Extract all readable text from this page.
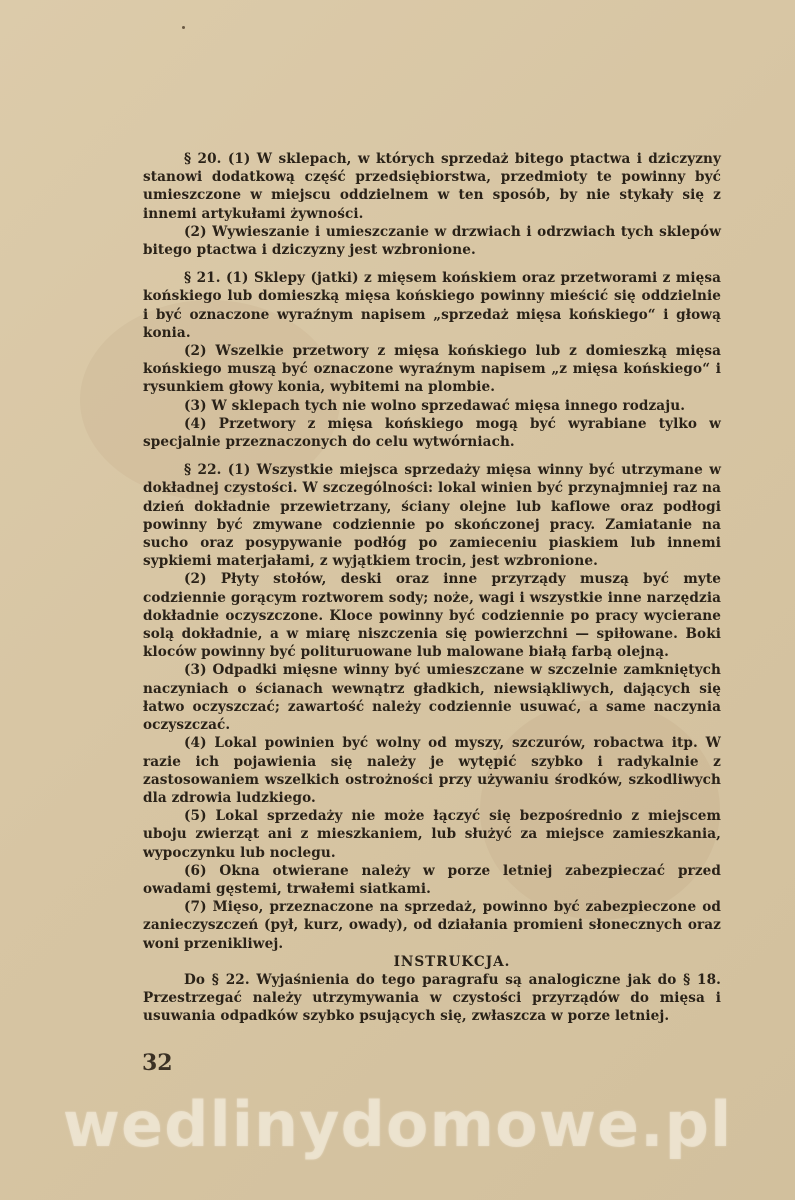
§ 20. (1) W sklepach, w których sprzedaż bitego ptactwa i dziczyzny stanowi dodatkową część przedsiębiorstwa, przedmioty te powinny być umieszczone w miejscu oddzielnem w ten sposób, by nie stykały się z innemi artykułami żywności.

(2) Wywieszanie i umieszczanie w drzwiach i odrzwiach tych sklepów bitego ptactwa i dziczyzny jest wzbronione.

§ 21. (1) Sklepy (jatki) z mięsem końskiem oraz przetworami z mięsa końskiego lub domieszką mięsa końskiego powinny mieścić się oddzielnie i być oznaczone wyraźnym napisem „sprzedaż mięsa końskiego“ i głową konia.

(2) Wszelkie przetwory z mięsa końskiego lub z domieszką mięsa końskiego muszą być oznaczone wyraźnym napisem „z mięsa końskiego“ i rysunkiem głowy konia, wybitemi na plombie.

(3) W sklepach tych nie wolno sprzedawać mięsa innego rodzaju.

(4) Przetwory z mięsa końskiego mogą być wyrabiane tylko w specjalnie przeznaczonych do celu wytwórniach.

§ 22. (1) Wszystkie miejsca sprzedaży mięsa winny być utrzymane w dokładnej czystości. W szczególności: lokal winien być przynajmniej raz na dzień dokładnie przewietrzany, ściany olejne lub kaflowe oraz podłogi powinny być zmywane codziennie po skończonej pracy. Zamiatanie na sucho oraz posypywanie podłóg po zamieceniu piaskiem lub innemi sypkiemi materjałami, z wyjątkiem trocin, jest wzbronione.

(2) Płyty stołów, deski oraz inne przyrządy muszą być myte codziennie gorącym roztworem sody; noże, wagi i wszystkie inne narzędzia dokładnie oczyszczone. Kloce powinny być codziennie po pracy wycierane solą dokładnie, a w miarę niszczenia się powierzchni — spiłowane. Boki kloców powinny być polituruowane lub malowane białą farbą olejną.

(3) Odpadki mięsne winny być umieszczane w szczelnie zamkniętych naczyniach o ścianach wewnątrz gładkich, niewsiąkliwych, dających się łatwo oczyszczać; zawartość należy codziennie usuwać, a same naczynia oczyszczać.

(4) Lokal powinien być wolny od myszy, szczurów, robactwa itp. W razie ich pojawienia się należy je wytępić szybko i radykalnie z zastosowaniem wszelkich ostrożności przy używaniu środków, szkodliwych dla zdrowia ludzkiego.

(5) Lokal sprzedaży nie może łączyć się bezpośrednio z miejscem uboju zwierząt ani z mieszkaniem, lub służyć za miejsce zamieszkania, wypoczynku lub noclegu.

(6) Okna otwierane należy w porze letniej zabezpieczać przed owadami gęstemi, trwałemi siatkami.

(7) Mięso, przeznaczone na sprzedaż, powinno być zabezpieczone od zanieczyszczeń (pył, kurz, owady), od działania promieni słonecznych oraz woni przenikliwej.

INSTRUKCJA.

Do § 22. Wyjaśnienia do tego paragrafu są analogiczne jak do § 18. Przestrzegać należy utrzymywania w czystości przyrządów do mięsa i usuwania odpadków szybko psujących się, zwłaszcza w porze letniej.

32
wedlinydomowe.pl
